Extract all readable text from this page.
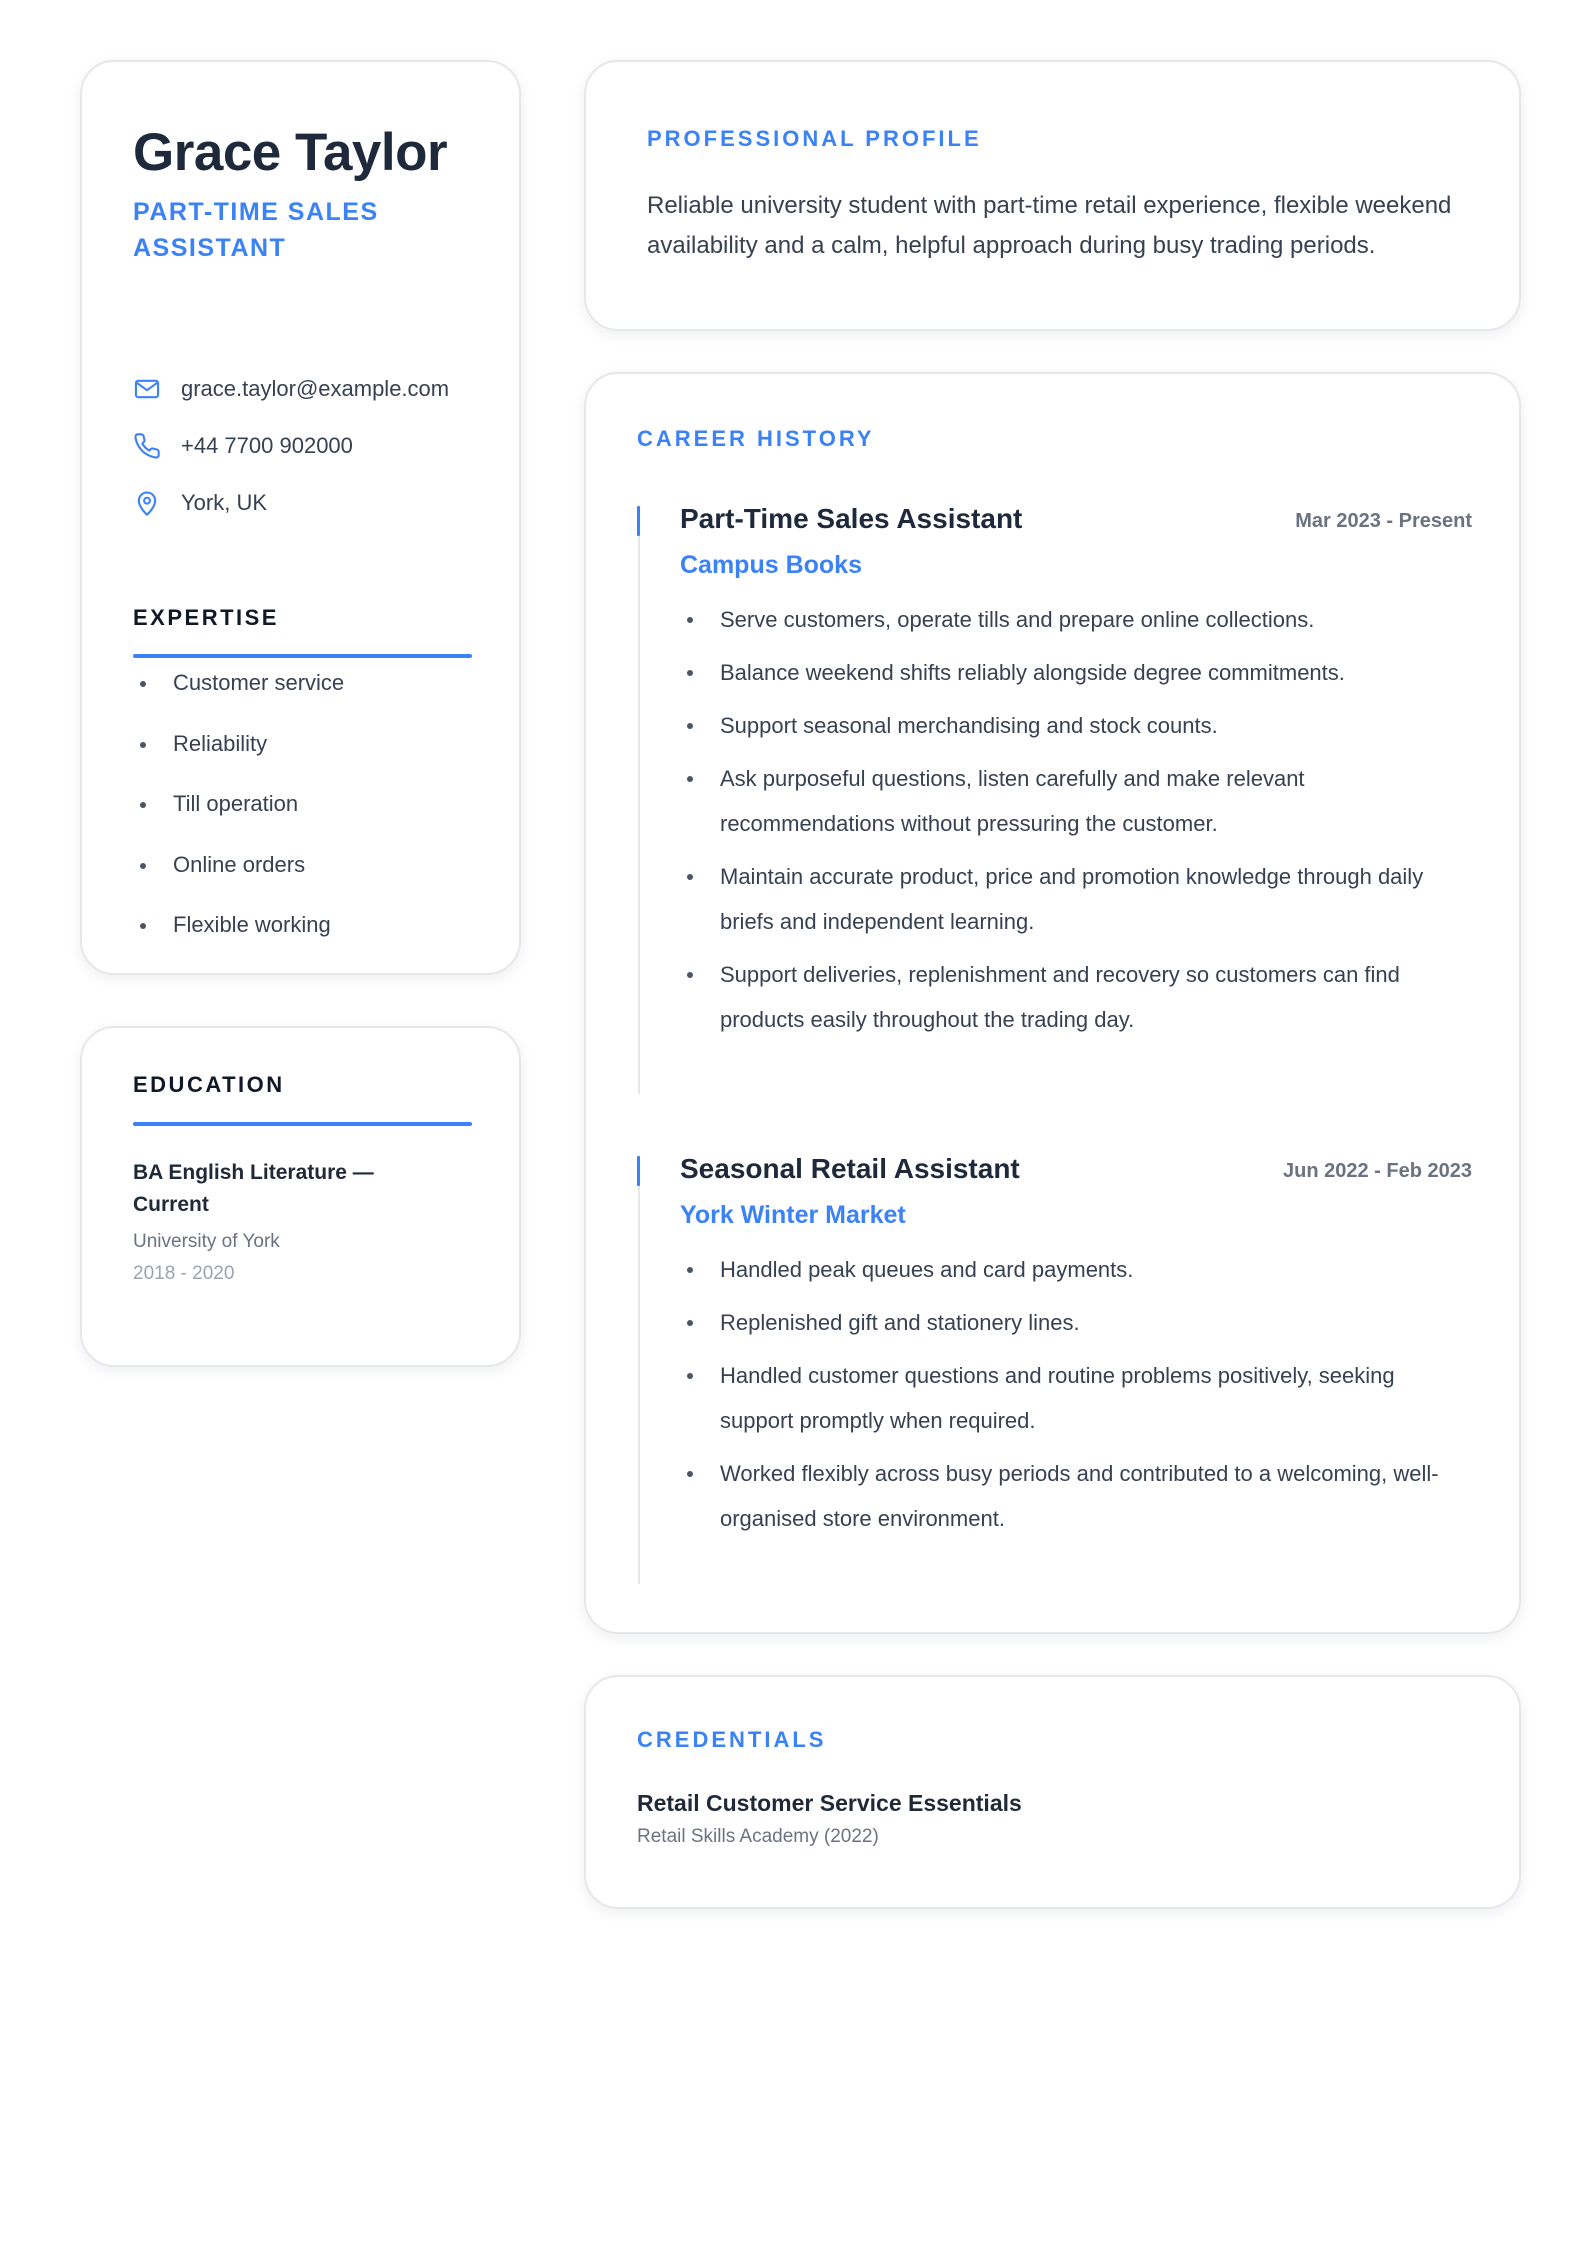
Grace Taylor
PART-TIME SALES ASSISTANT
grace.taylor@example.com
+44 7700 902000
York, UK
EXPERTISE
Customer service
Reliability
Till operation
Online orders
Flexible working
EDUCATION
BA English Literature — Current
University of York
2018 - 2020
PROFESSIONAL PROFILE
Reliable university student with part-time retail experience, flexible weekend availability and a calm, helpful approach during busy trading periods.
CAREER HISTORY
Part-Time Sales Assistant	Mar 2023 - Present
Campus Books
Serve customers, operate tills and prepare online collections.
Balance weekend shifts reliably alongside degree commitments.
Support seasonal merchandising and stock counts.
Ask purposeful questions, listen carefully and make relevant recommendations without pressuring the customer.
Maintain accurate product, price and promotion knowledge through daily briefs and independent learning.
Support deliveries, replenishment and recovery so customers can find products easily throughout the trading day.
Seasonal Retail Assistant	Jun 2022 - Feb 2023
York Winter Market
Handled peak queues and card payments.
Replenished gift and stationery lines.
Handled customer questions and routine problems positively, seeking support promptly when required.
Worked flexibly across busy periods and contributed to a welcoming, well-organised store environment.
CREDENTIALS
Retail Customer Service Essentials
Retail Skills Academy (2022)
